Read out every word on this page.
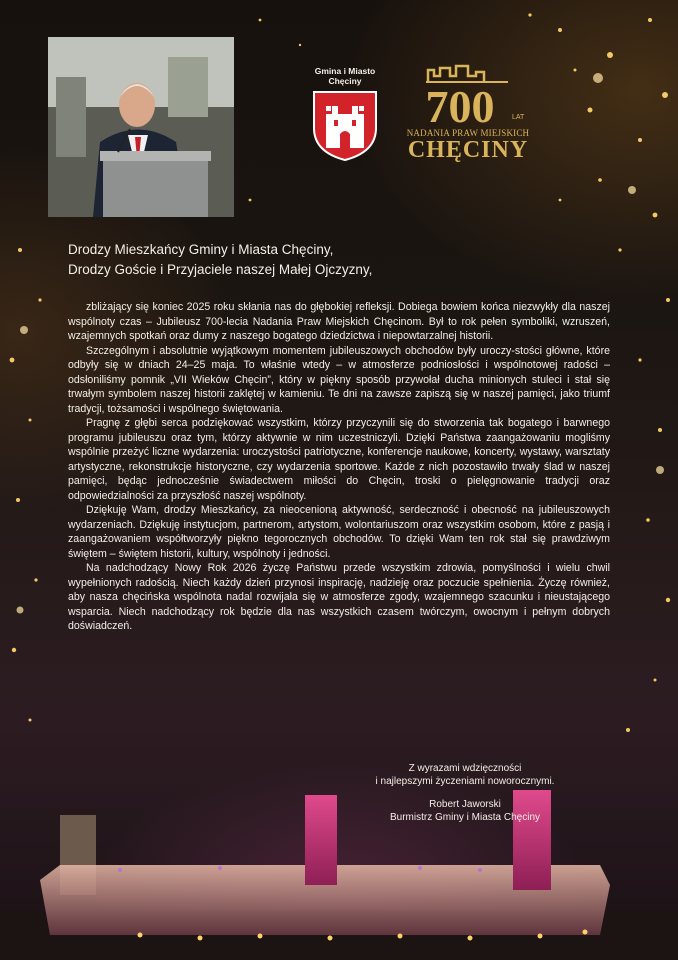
Gmina i Miasto
Chęciny	700	LAT
NADANIA PRAW MIEJSKICH
CHĘCINY

Drodzy Mieszkańcy Gminy i Miasta Chęciny,

Drodzy Goście i Przyjaciele naszej Małej Ojczyzny,

zbliżający się koniec 2025 roku skłania nas do głębokiej refleksji. Dobiega bowiem końca niezwykły dla naszej wspólnoty czas – Jubileusz 700-lecia Nadania Praw Miejskich Chęcinom. Był to rok pełen symboliki, wzruszeń, wzajemnych spotkań oraz dumy z naszego bogatego dziedzictwa i niepowtarzalnej historii.

Szczególnym i absolutnie wyjątkowym momentem jubileuszowych obchodów były uroczy-stości główne, które odbyły się w dniach 24–25 maja. To właśnie wtedy – w atmosferze podniosłości i wspólnotowej radości – odsłoniliśmy pomnik „VII Wieków Chęcin”, który w piękny sposób przywołał ducha minionych stuleci i stał się trwałym symbolem naszej historii zaklętej w kamieniu. Te dni na zawsze zapiszą się w naszej pamięci, jako triumf tradycji, tożsamości i wspólnego świętowania.

Pragnę z głębi serca podziękować wszystkim, którzy przyczynili się do stworzenia tak bogatego i barwnego programu jubileuszu oraz tym, którzy aktywnie w nim uczestniczyli. Dzięki Państwa zaangażowaniu mogliśmy wspólnie przeżyć liczne wydarzenia: uroczystości patriotyczne, konferencje naukowe, koncerty, wystawy, warsztaty artystyczne, rekonstrukcje historyczne, czy wydarzenia sportowe. Każde z nich pozostawiło trwały ślad w naszej pamięci, będąc jednocześnie świadectwem miłości do Chęcin, troski o pielęgnowanie tradycji oraz odpowiedzialności za przyszłość naszej wspólnoty.

Dziękuję Wam, drodzy Mieszkańcy, za nieocenioną aktywność, serdeczność i obecność na jubileuszowych wydarzeniach. Dziękuję instytucjom, partnerom, artystom, wolontariuszom oraz wszystkim osobom, które z pasją i zaangażowaniem współtworzyły piękno tegorocznych obchodów. To dzięki Wam ten rok stał się prawdziwym świętem – świętem historii, kultury, wspólnoty i jedności.

Na nadchodzący Nowy Rok 2026 życzę Państwu przede wszystkim zdrowia, pomyślności i wielu chwil wypełnionych radością. Niech każdy dzień przynosi inspirację, nadzieję oraz poczucie spełnienia. Życzę również, aby nasza chęcińska wspólnota nadal rozwijała się w atmosferze zgody, wzajemnego szacunku i nieustającego wsparcia. Niech nadchodzący rok będzie dla nas wszystkich czasem twórczym, owocnym i pełnym dobrych doświadczeń.

Z wyrazami wdzięczności
i najlepszymi życzeniami noworocznymi.
Robert Jaworski
Burmistrz Gminy i Miasta Chęciny
